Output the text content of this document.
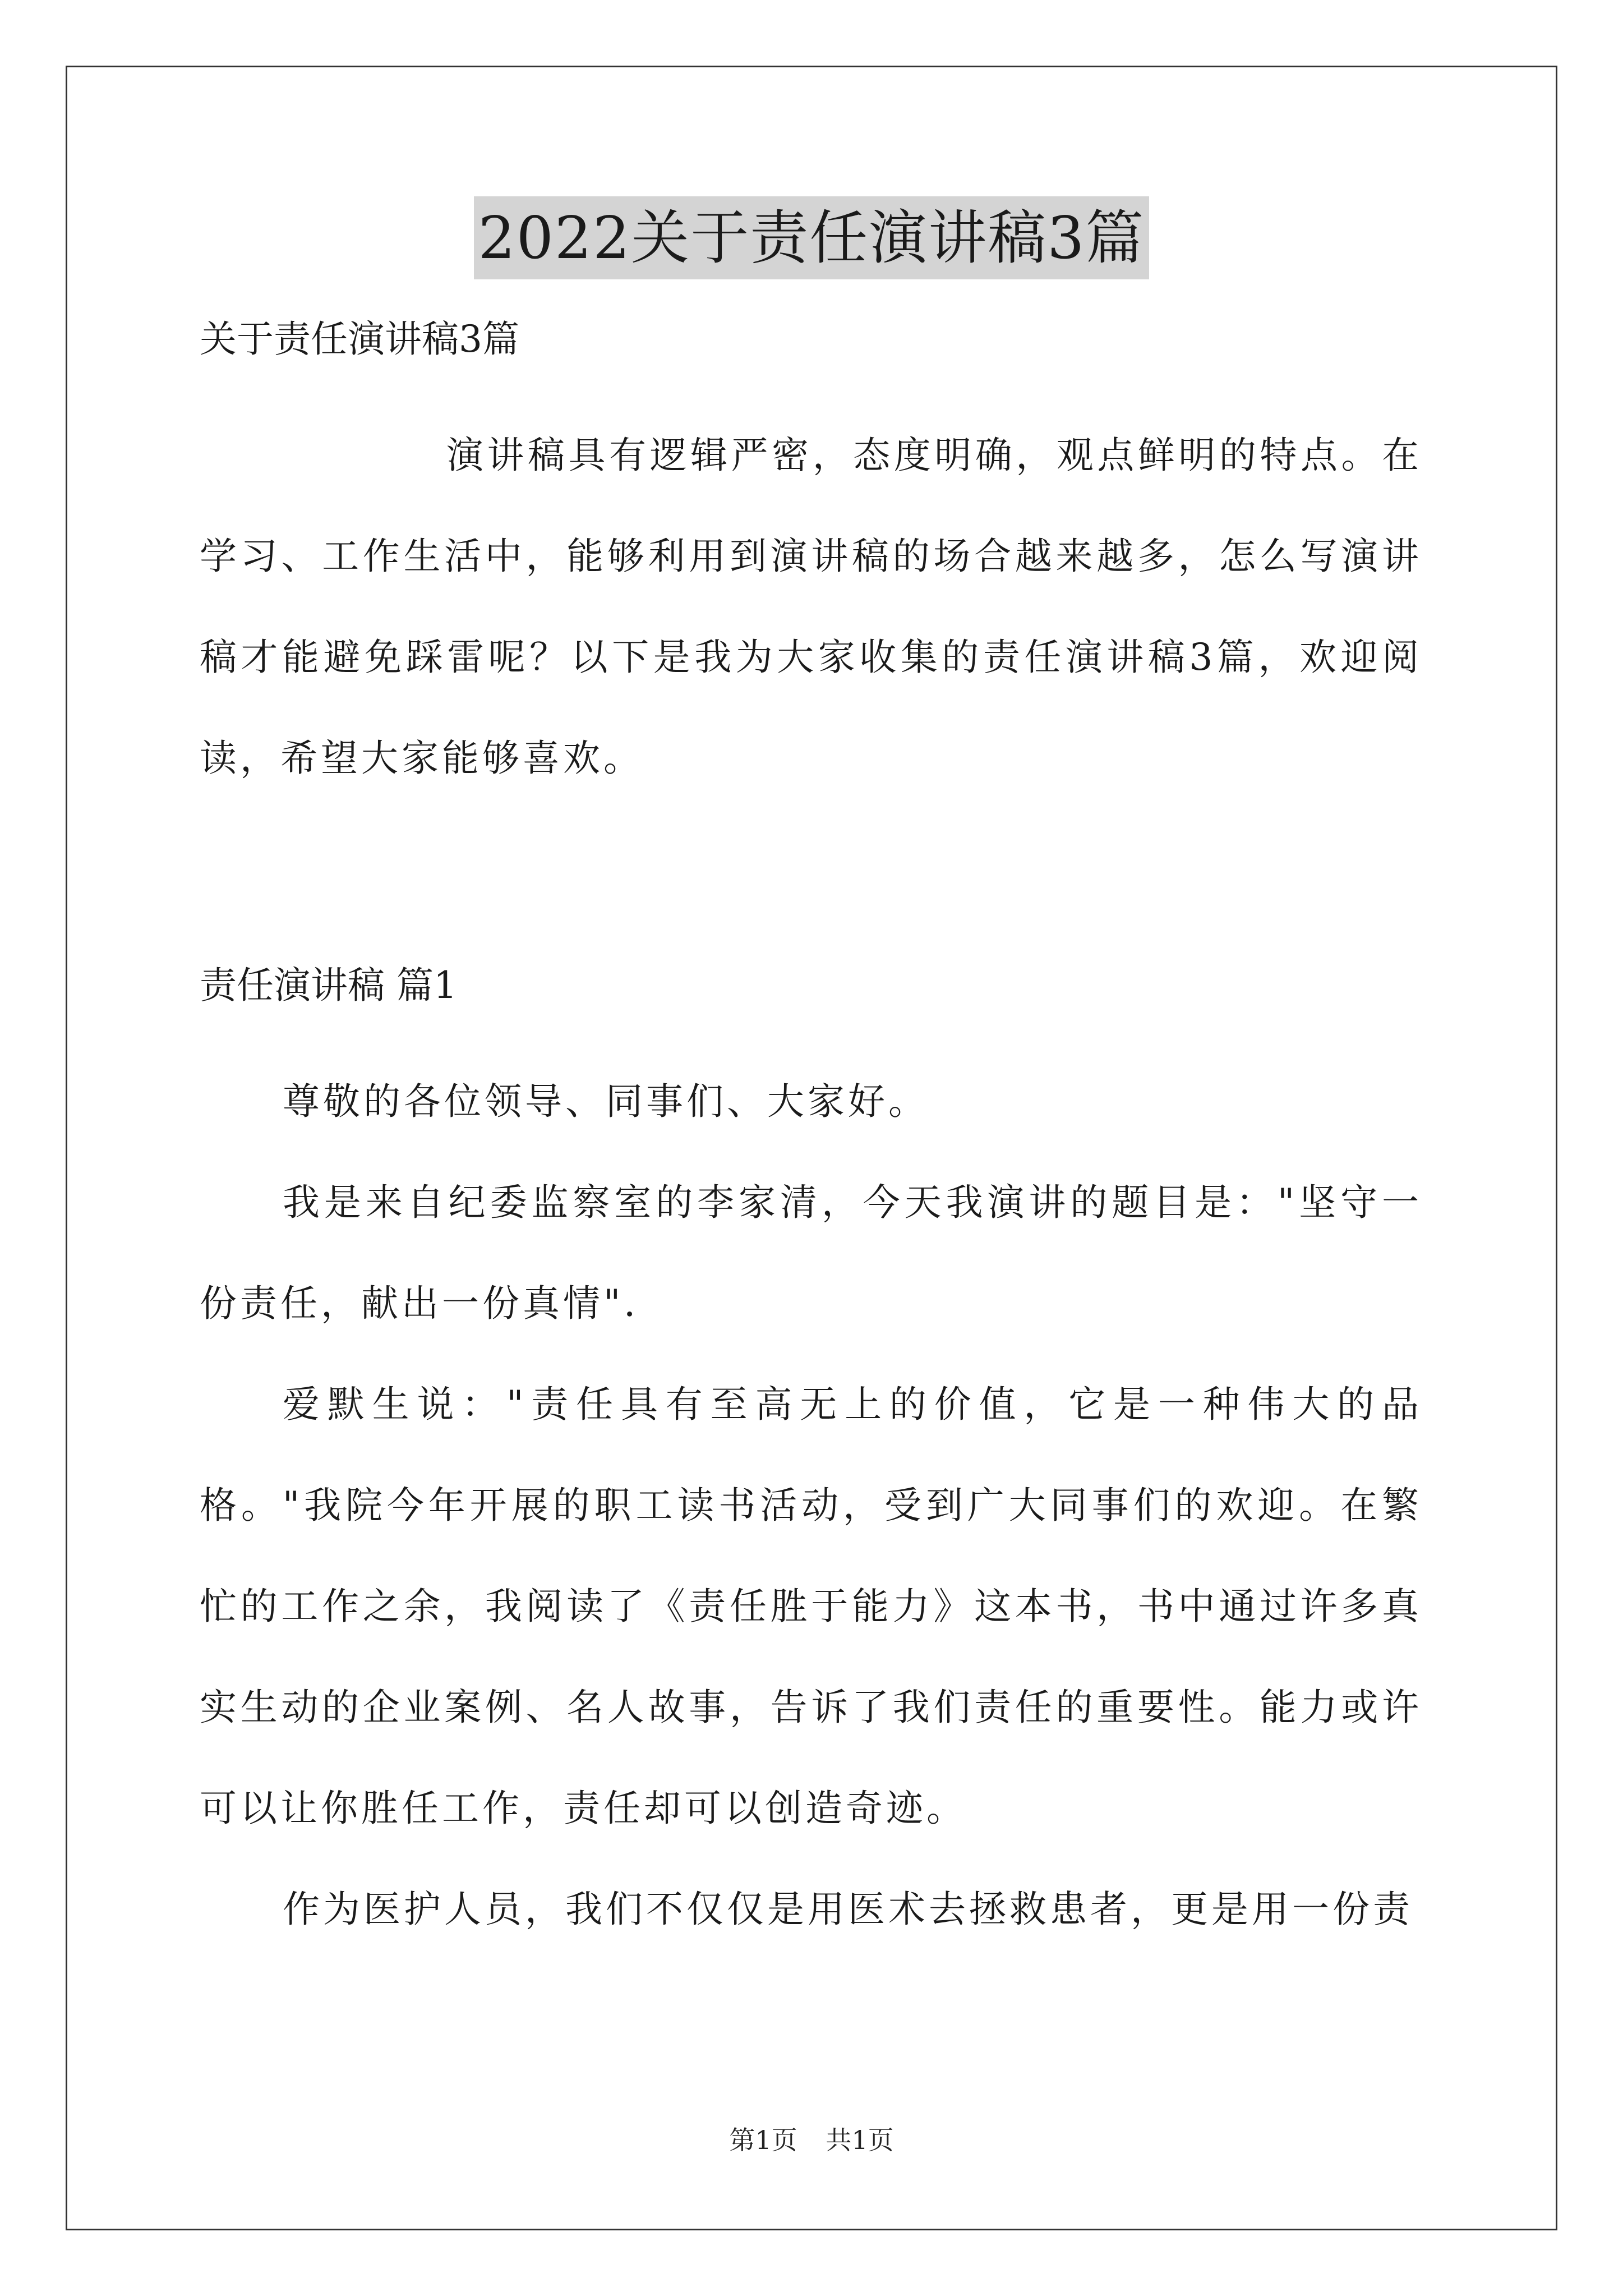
2022关于责任演讲稿3篇

关于责任演讲稿3篇

演讲稿具有逻辑严密，态度明确，观点鲜明的特点。在学习、工作生活中，能够利用到演讲稿的场合越来越多，怎么写演讲稿才能避免踩雷呢？以下是我为大家收集的责任演讲稿3篇，欢迎阅读，希望大家能够喜欢。

责任演讲稿 篇1

尊敬的各位领导、同事们、大家好。

我是来自纪委监察室的李家清，今天我演讲的题目是："坚守一份责任，献出一份真情"．

爱默生说："责任具有至高无上的价值，它是一种伟大的品格。"我院今年开展的职工读书活动，受到广大同事们的欢迎。在繁忙的工作之余，我阅读了《责任胜于能力》这本书，书中通过许多真实生动的企业案例、名人故事，告诉了我们责任的重要性。能力或许可以让你胜任工作，责任却可以创造奇迹。

作为医护人员，我们不仅仅是用医术去拯救患者，更是用一份责

第1页 共1页
